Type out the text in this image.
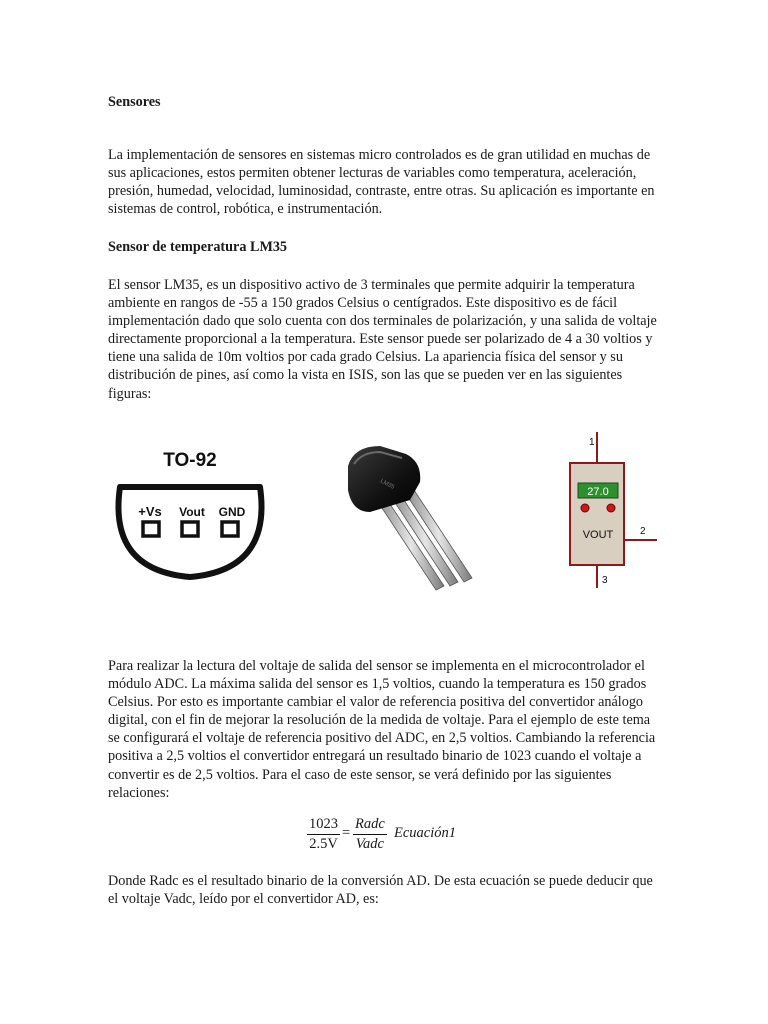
Sensores

La implementación de sensores en sistemas micro controlados es de gran utilidad en muchas de sus aplicaciones, estos permiten obtener lecturas de variables como temperatura, aceleración, presión, humedad, velocidad, luminosidad, contraste, entre otras. Su aplicación es importante en sistemas de control, robótica, e instrumentación.

Sensor de temperatura LM35

El sensor LM35, es un dispositivo activo de 3 terminales que permite adquirir la temperatura ambiente en rangos de -55 a 150 grados Celsius o centígrados. Este dispositivo es de fácil implementación dado que solo cuenta con dos terminales de polarización, y una salida de voltaje directamente proporcional a la temperatura. Este sensor puede ser polarizado de 4 a 30 voltios y tiene una salida de 10m voltios por cada grado Celsius. La apariencia física del sensor y su distribución de pines, así como la vista en ISIS, son las que se pueden ver en las siguientes figuras:

TO-92
+Vs Vout GND
LM35
27.0
VOUT
1
2
3

Para realizar la lectura del voltaje de salida del sensor se implementa en el microcontrolador el módulo ADC. La máxima salida del sensor es 1,5 voltios, cuando la temperatura es 150 grados Celsius. Por esto es importante cambiar el valor de referencia positiva del convertidor análogo digital, con el fin de mejorar la resolución de la medida de voltaje. Para el ejemplo de este tema se configurará el voltaje de referencia positivo del ADC, en 2,5 voltios. Cambiando la referencia positiva a 2,5 voltios el convertidor entregará un resultado binario de 1023 cuando el voltaje a convertir es de 2,5 voltios. Para el caso de este sensor, se verá definido por las siguientes relaciones:

$\frac{1023}{2.5V}$ =
Radc
Vadc
Ecuación1

Donde Radc es el resultado binario de la conversión AD. De esta ecuación se puede deducir que el voltaje Vadc, leído por el convertidor AD, es:
